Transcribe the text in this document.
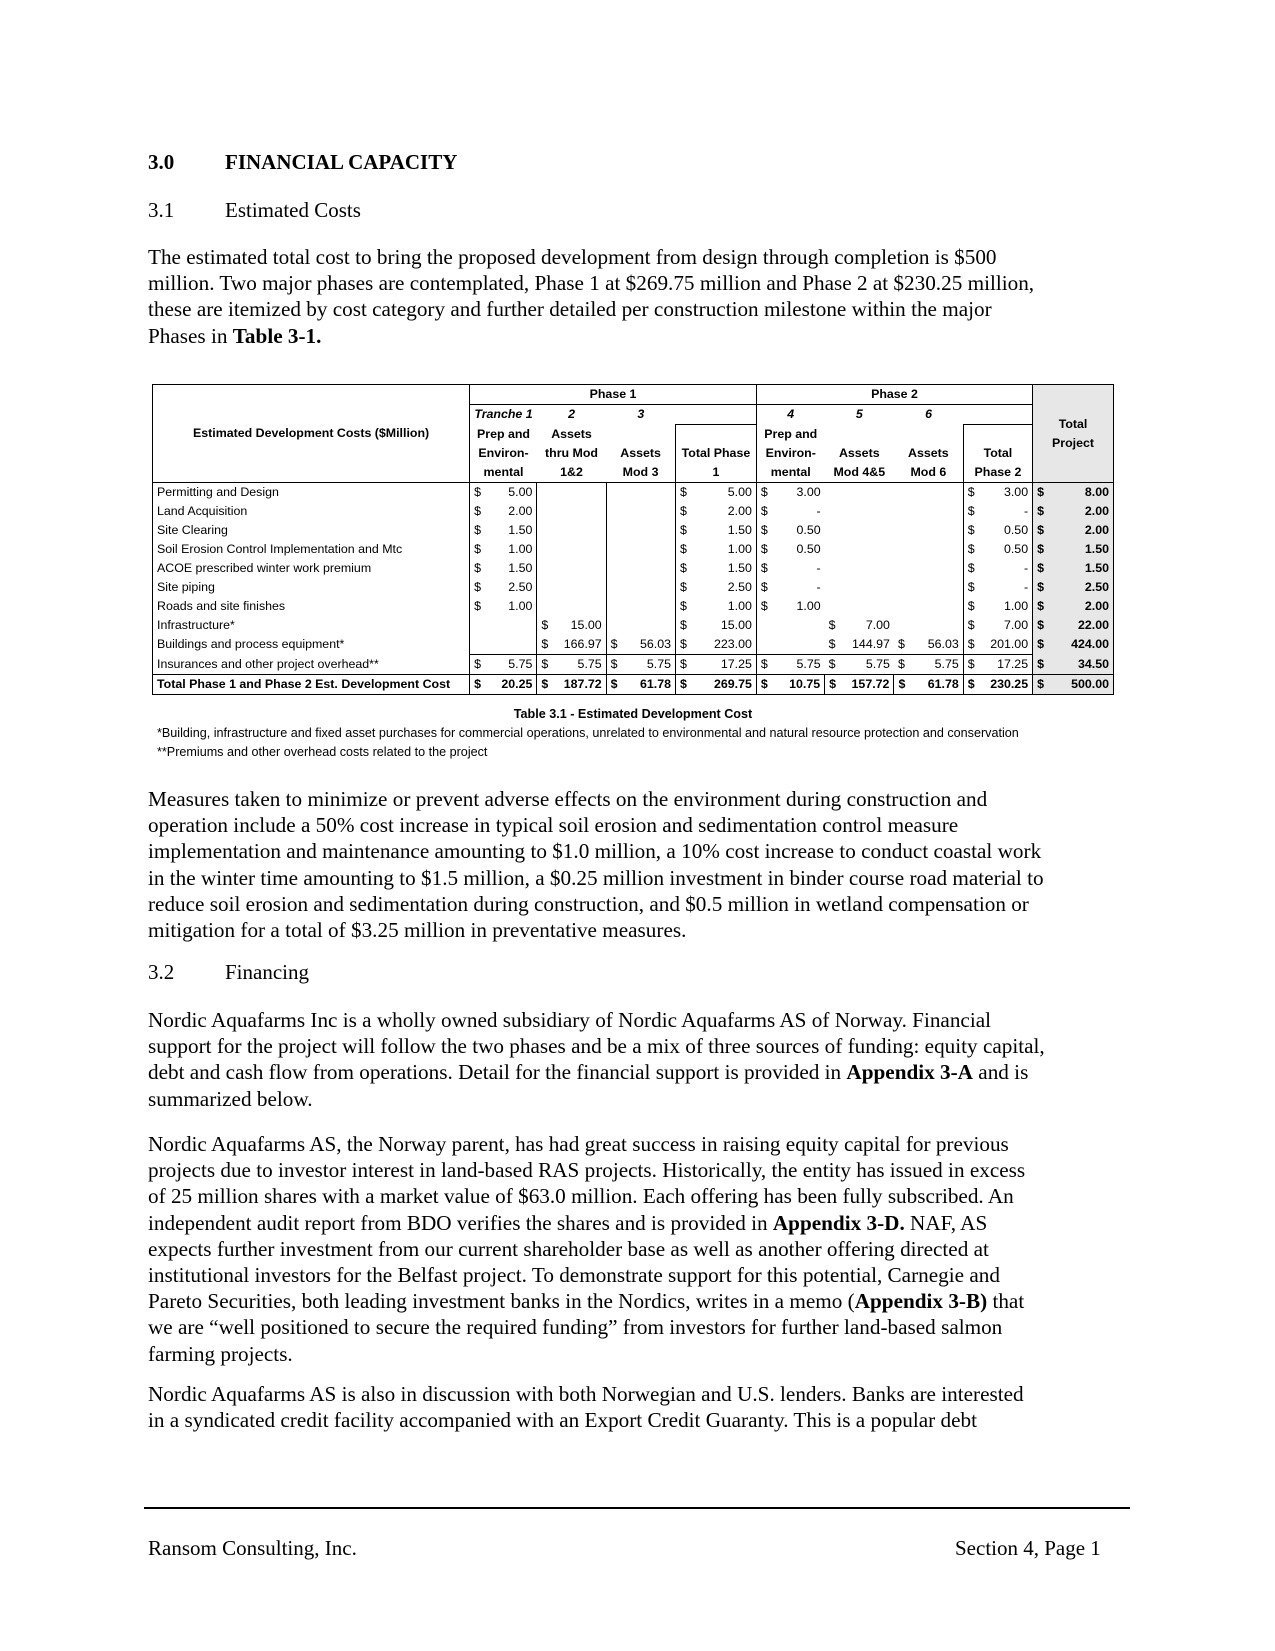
3.0 FINANCIAL CAPACITY
3.1 Estimated Costs
The estimated total cost to bring the proposed development from design through completion is $500
million. Two major phases are contemplated, Phase 1 at $269.75 million and Phase 2 at $230.25 million,
these are itemized by cost category and further detailed per construction milestone within the major
Phases in Table 3-1.
Estimated Development Costs ($Million)	Phase 1				Phase 2				Total
Project
	Tranche 1	2	3		4	5	6		
	Prep and	Assets			Prep and				
	Environ-	thru Mod	Assets	Total Phase	Environ-	Assets	Assets	Total	
	mental	1&2	Mod 3	1	mental	Mod 4&5	Mod 6	Phase 2	
Permitting and Design	$ 5.00			$ 5.00	$ 3.00			$ 3.00	$ 8.00
Land Acquisition	$ 2.00			$ 2.00	$ -			$ -	$ 2.00
Site Clearing	$ 1.50			$ 1.50	$ 0.50			$ 0.50	$ 2.00
Soil Erosion Control Implementation and Mtc	$ 1.00			$ 1.00	$ 0.50			$ 0.50	$ 1.50
ACOE prescribed winter work premium	$ 1.50			$ 1.50	$ -			$ -	$ 1.50
Site piping	$ 2.50			$ 2.50	$ -			$ -	$ 2.50
Roads and site finishes	$ 1.00			$ 1.00	$ 1.00			$ 1.00	$ 2.00
Infrastructure*		$ 15.00		$ 15.00		$ 7.00		$ 7.00	$ 22.00
Buildings and process equipment*		$ 166.97	$ 56.03	$ 223.00		$ 144.97	$ 56.03	$ 201.00	$ 424.00
Insurances and other project overhead**	$ 5.75	$ 5.75	$ 5.75	$ 17.25	$ 5.75	$ 5.75	$ 5.75	$ 17.25	$ 34.50
Total Phase 1 and Phase 2 Est. Development Cost	$ 20.25	$ 187.72	$ 61.78	$ 269.75	$ 10.75	$ 157.72	$ 61.78	$ 230.25	$ 500.00
Table 3.1 - Estimated Development Cost
*Building, infrastructure and fixed asset purchases for commercial operations, unrelated to environmental and natural resource protection and conservation
**Premiums and other overhead costs related to the project
Measures taken to minimize or prevent adverse effects on the environment during construction and
operation include a 50% cost increase in typical soil erosion and sedimentation control measure
implementation and maintenance amounting to $1.0 million, a 10% cost increase to conduct coastal work
in the winter time amounting to $1.5 million, a $0.25 million investment in binder course road material to
reduce soil erosion and sedimentation during construction, and $0.5 million in wetland compensation or
mitigation for a total of $3.25 million in preventative measures.
3.2 Financing
Nordic Aquafarms Inc is a wholly owned subsidiary of Nordic Aquafarms AS of Norway. Financial
support for the project will follow the two phases and be a mix of three sources of funding: equity capital,
debt and cash flow from operations. Detail for the financial support is provided in Appendix 3-A and is
summarized below.
Nordic Aquafarms AS, the Norway parent, has had great success in raising equity capital for previous
projects due to investor interest in land-based RAS projects. Historically, the entity has issued in excess
of 25 million shares with a market value of $63.0 million. Each offering has been fully subscribed. An
independent audit report from BDO verifies the shares and is provided in Appendix 3-D. NAF, AS
expects further investment from our current shareholder base as well as another offering directed at
institutional investors for the Belfast project. To demonstrate support for this potential, Carnegie and
Pareto Securities, both leading investment banks in the Nordics, writes in a memo (Appendix 3-B) that
we are “well positioned to secure the required funding” from investors for further land-based salmon
farming projects.
Nordic Aquafarms AS is also in discussion with both Norwegian and U.S. lenders. Banks are interested
in a syndicated credit facility accompanied with an Export Credit Guaranty. This is a popular debt
Ransom Consulting, Inc.	Section 4, Page 1
